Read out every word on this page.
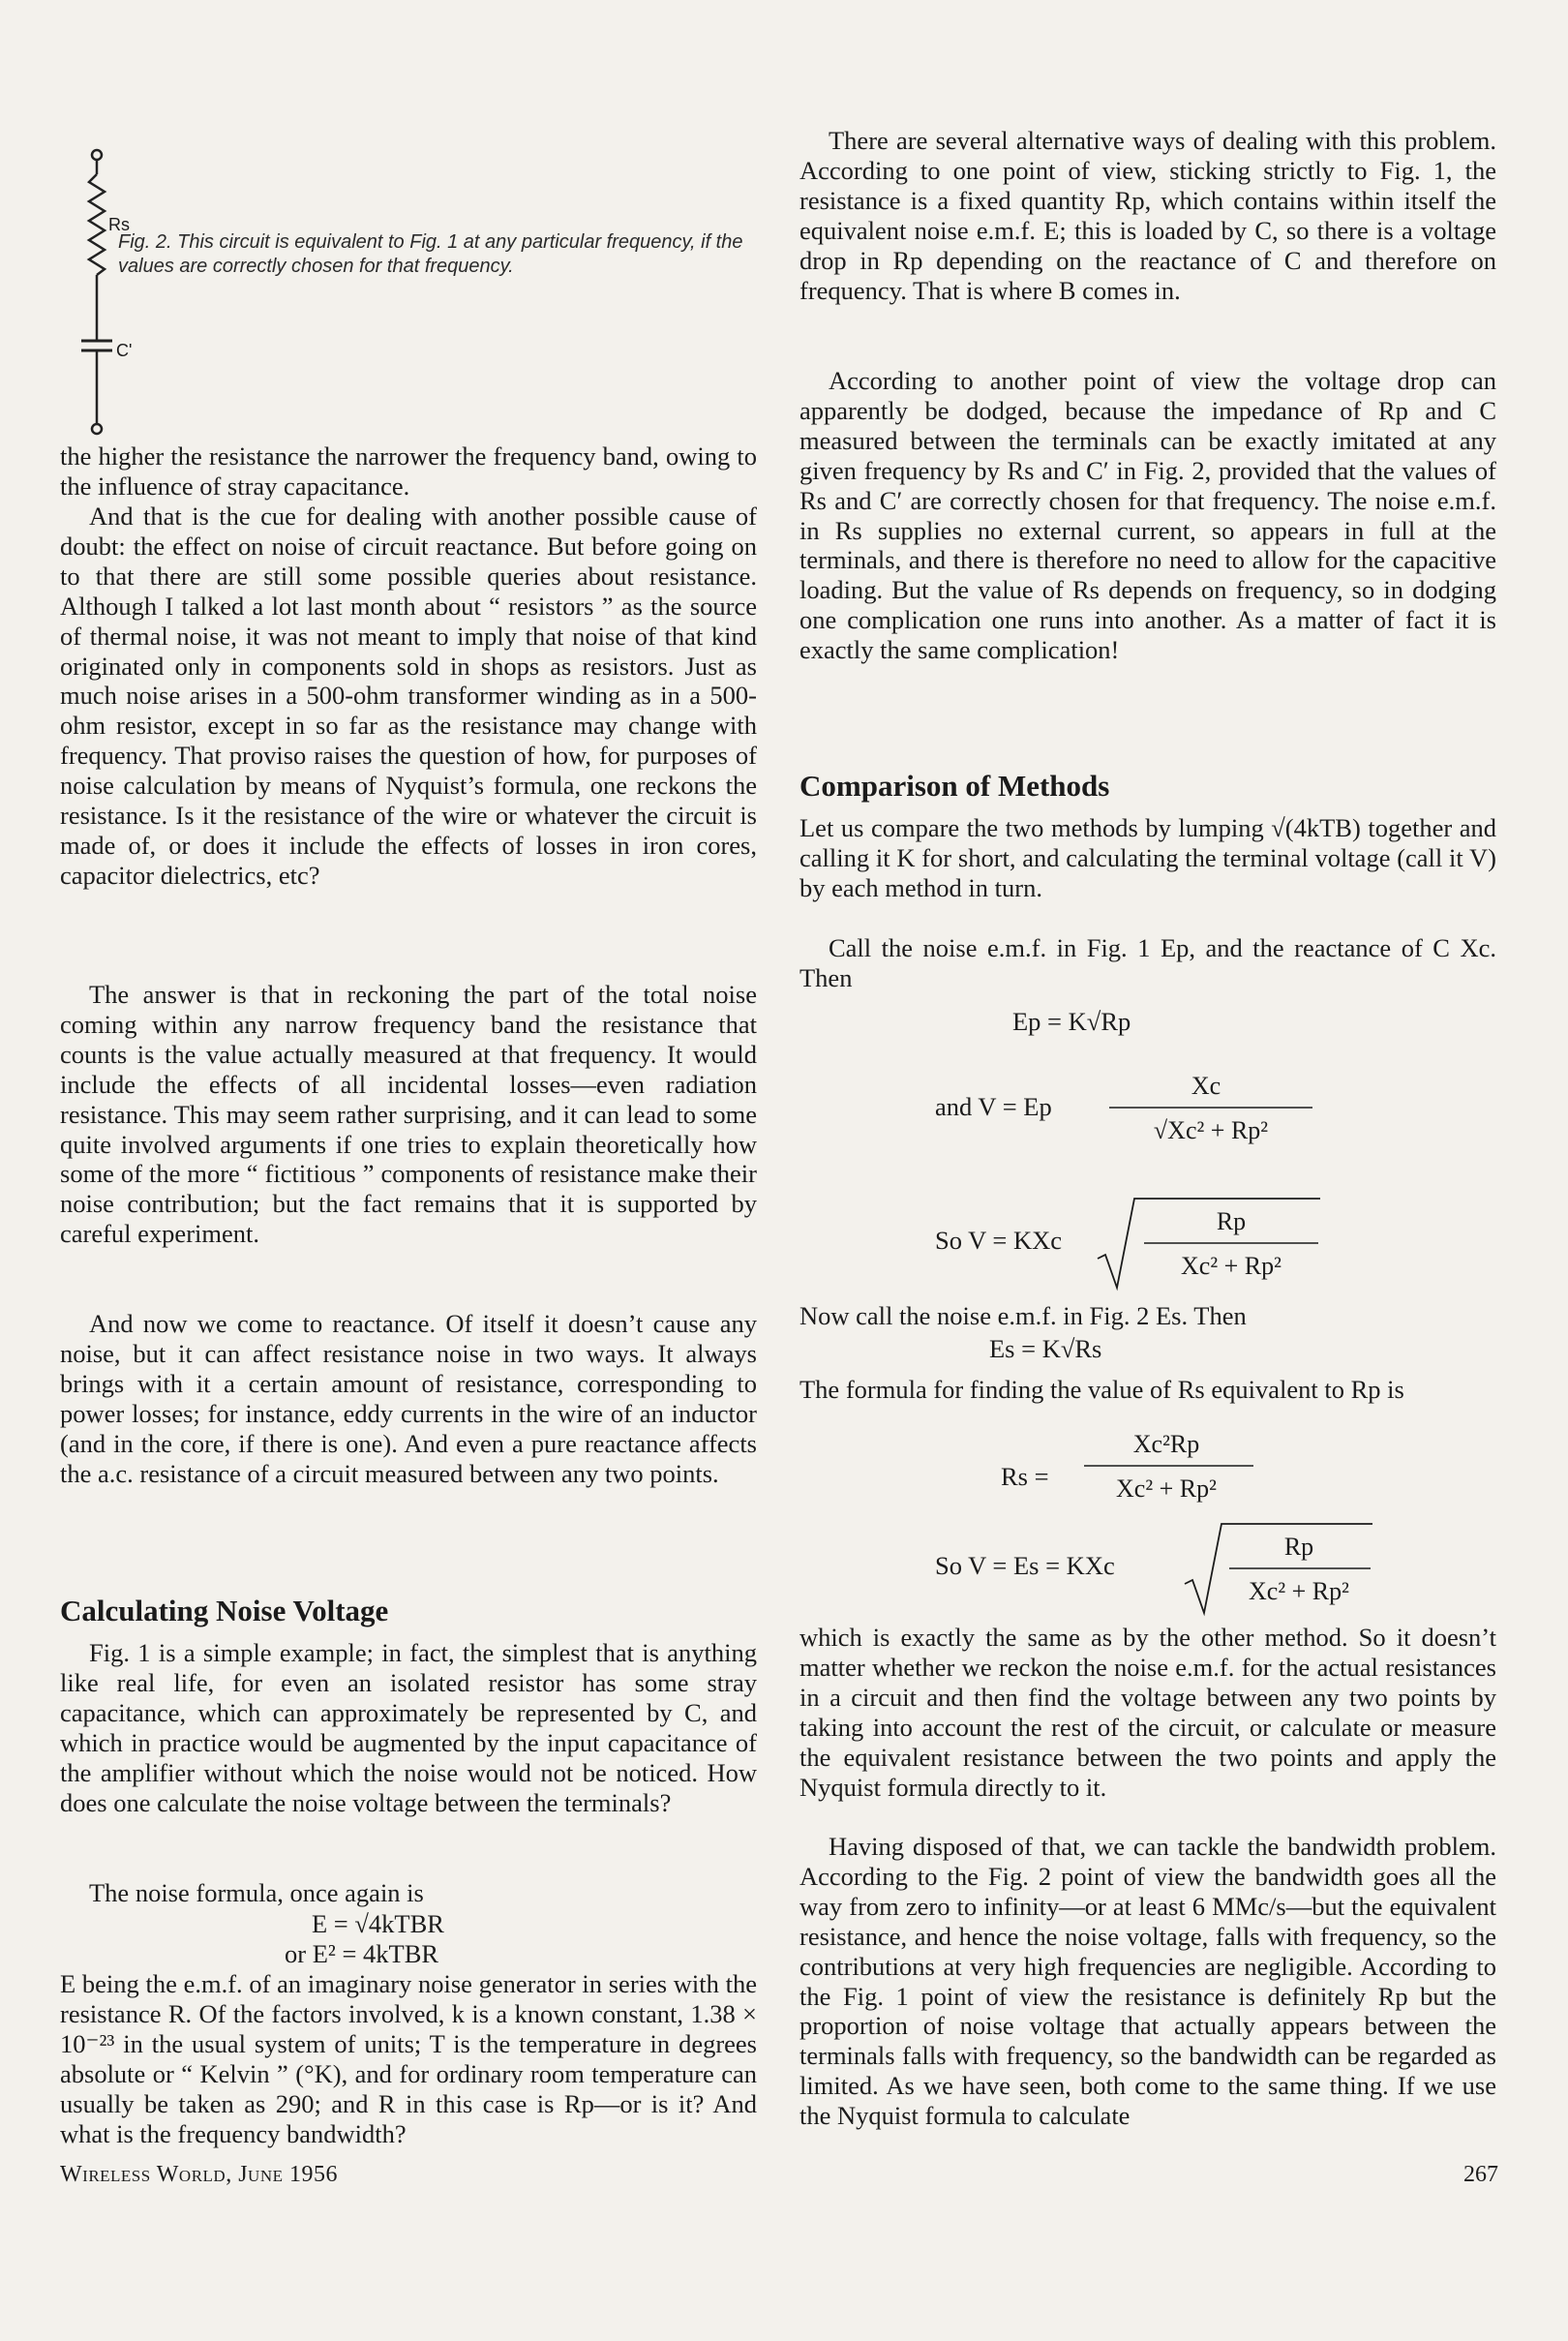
Rs
C'

Fig. 2. This circuit is equivalent to Fig. 1 at any particular frequency, if the values are correctly chosen for that frequency.

the higher the resistance the narrower the frequency band, owing to the influence of stray capacitance.

And that is the cue for dealing with another possible cause of doubt: the effect on noise of circuit reactance. But before going on to that there are still some possible queries about resistance. Although I talked a lot last month about “ resistors ” as the source of thermal noise, it was not meant to imply that noise of that kind originated only in components sold in shops as resistors. Just as much noise arises in a 500-ohm transformer winding as in a 500-ohm resistor, except in so far as the resistance may change with frequency. That proviso raises the question of how, for purposes of noise calculation by means of Nyquist’s formula, one reckons the resistance. Is it the resistance of the wire or whatever the circuit is made of, or does it include the effects of losses in iron cores, capacitor dielectrics, etc?

The answer is that in reckoning the part of the total noise coming within any narrow frequency band the resistance that counts is the value actually measured at that frequency. It would include the effects of all incidental losses—even radiation resistance. This may seem rather surprising, and it can lead to some quite involved arguments if one tries to explain theoretically how some of the more “ fictitious ” components of resistance make their noise contribution; but the fact remains that it is supported by careful experiment.

And now we come to reactance. Of itself it doesn’t cause any noise, but it can affect resistance noise in two ways. It always brings with it a certain amount of resistance, corresponding to power losses; for instance, eddy currents in the wire of an inductor (and in the core, if there is one). And even a pure reactance affects the a.c. resistance of a circuit measured between any two points.

Calculating Noise Voltage

Fig. 1 is a simple example; in fact, the simplest that is anything like real life, for even an isolated resistor has some stray capacitance, which can approximately be represented by C, and which in practice would be augmented by the input capacitance of the amplifier without which the noise would not be noticed. How does one calculate the noise voltage between the terminals?

The noise formula, once again is

E = √4kTBR

or E² = 4kTBR

E being the e.m.f. of an imaginary noise generator in series with the resistance R. Of the factors involved, k is a known constant, 1.38 × 10⁻²³ in the usual system of units; T is the temperature in degrees absolute or “ Kelvin ” (°K), and for ordinary room temperature can usually be taken as 290; and R in this case is Rp—or is it? And what is the frequency bandwidth?

There are several alternative ways of dealing with this problem. According to one point of view, sticking strictly to Fig. 1, the resistance is a fixed quantity Rp, which contains within itself the equivalent noise e.m.f. E; this is loaded by C, so there is a voltage drop in Rp depending on the reactance of C and therefore on frequency. That is where B comes in.

According to another point of view the voltage drop can apparently be dodged, because the impedance of Rp and C measured between the terminals can be exactly imitated at any given frequency by Rs and C′ in Fig. 2, provided that the values of Rs and C′ are correctly chosen for that frequency. The noise e.m.f. in Rs supplies no external current, so appears in full at the terminals, and there is therefore no need to allow for the capacitive loading. But the value of Rs depends on frequency, so in dodging one complication one runs into another. As a matter of fact it is exactly the same complication!

Comparison of Methods

Let us compare the two methods by lumping √(4kTB) together and calling it K for short, and calculating the terminal voltage (call it V) by each method in turn.

Call the noise e.m.f. in Fig. 1 Ep, and the reactance of C Xc. Then

Ep = K√Rp

and V = Ep

Xc
√Xc² + Rp²

So V = KXc

Rp
Xc² + Rp²

Now call the noise e.m.f. in Fig. 2 Es. Then

Es = K√Rs

The formula for finding the value of Rs equivalent to Rp is

Rs =

Xc²Rp
Xc² + Rp²

So V = Es = KXc

Rp
Xc² + Rp²

which is exactly the same as by the other method. So it doesn’t matter whether we reckon the noise e.m.f. for the actual resistances in a circuit and then find the voltage between any two points by taking into account the rest of the circuit, or calculate or measure the equivalent resistance between the two points and apply the Nyquist formula directly to it.

Having disposed of that, we can tackle the bandwidth problem. According to the Fig. 2 point of view the bandwidth goes all the way from zero to infinity—or at least 6 MMc/s—but the equivalent resistance, and hence the noise voltage, falls with frequency, so the contributions at very high frequencies are negligible. According to the Fig. 1 point of view the resistance is definitely Rp but the proportion of noise voltage that actually appears between the terminals falls with frequency, so the bandwidth can be regarded as limited. As we have seen, both come to the same thing. If we use the Nyquist formula to calculate

Wireless World, June 1956	267
